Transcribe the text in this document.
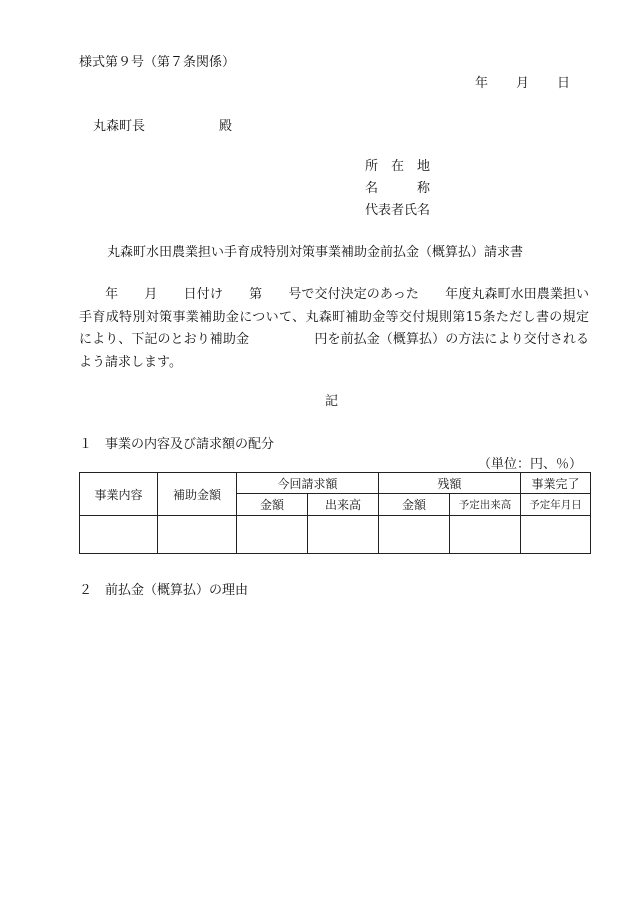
様式第９号（第７条関係）
年 月 日
丸森町長	殿
所　在　地
名　　　称
代表者氏名
丸森町水田農業担い手育成特別対策事業補助金前払金（概算払）請求書
　　年　　月　　日付け　　第　　号で交付決定のあった　　年度丸森町水田農業担い手育成特別対策事業補助金について、丸森町補助金等交付規則第15条ただし書の規定により、下記のとおり補助金　　　　　円を前払金（概算払）の方法により交付されるよう請求します。
記
１　事業の内容及び請求額の配分
（単位：円、％）
事業内容	補助金額	今回請求額		残額		事業完了
		金額	出来高	金額	予定出来高	予定年月日

２　前払金（概算払）の理由
